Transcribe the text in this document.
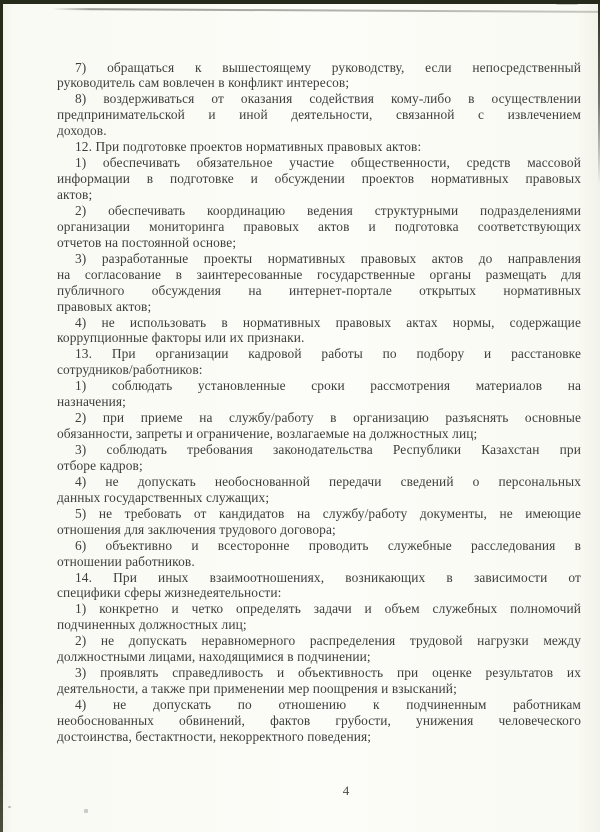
7) обращаться к вышестоящему руководству, если непосредственный
руководитель сам вовлечен в конфликт интересов;
8) воздерживаться от оказания содействия кому-либо в осуществлении
предпринимательской и иной деятельности, связанной с извлечением
доходов.
12. При подготовке проектов нормативных правовых актов:
1) обеспечивать обязательное участие общественности, средств массовой
информации в подготовке и обсуждении проектов нормативных правовых
актов;
2) обеспечивать координацию ведения структурными подразделениями
организации мониторинга правовых актов и подготовка соответствующих
отчетов на постоянной основе;
3) разработанные проекты нормативных правовых актов до направления
на согласование в заинтересованные государственные органы размещать для
публичного обсуждения на интернет-портале открытых нормативных
правовых актов;
4) не использовать в нормативных правовых актах нормы, содержащие
коррупционные факторы или их признаки.
13. При организации кадровой работы по подбору и расстановке
сотрудников/работников:
1) соблюдать установленные сроки рассмотрения материалов на
назначения;
2) при приеме на службу/работу в организацию разъяснять основные
обязанности, запреты и ограничение, возлагаемые на должностных лиц;
3) соблюдать требования законодательства Республики Казахстан при
отборе кадров;
4) не допускать необоснованной передачи сведений о персональных
данных государственных служащих;
5) не требовать от кандидатов на службу/работу документы, не имеющие
отношения для заключения трудового договора;
6) объективно и всесторонне проводить служебные расследования в
отношении работников.
14. При иных взаимоотношениях, возникающих в зависимости от
специфики сферы жизнедеятельности:
1) конкретно и четко определять задачи и объем служебных полномочий
подчиненных должностных лиц;
2) не допускать неравномерного распределения трудовой нагрузки между
должностными лицами, находящимися в подчинении;
3) проявлять справедливость и объективность при оценке результатов их
деятельности, а также при применении мер поощрения и взысканий;
4) не допускать по отношению к подчиненным работникам
необоснованных обвинений, фактов грубости, унижения человеческого
достоинства, бестактности, некорректного поведения;
4
